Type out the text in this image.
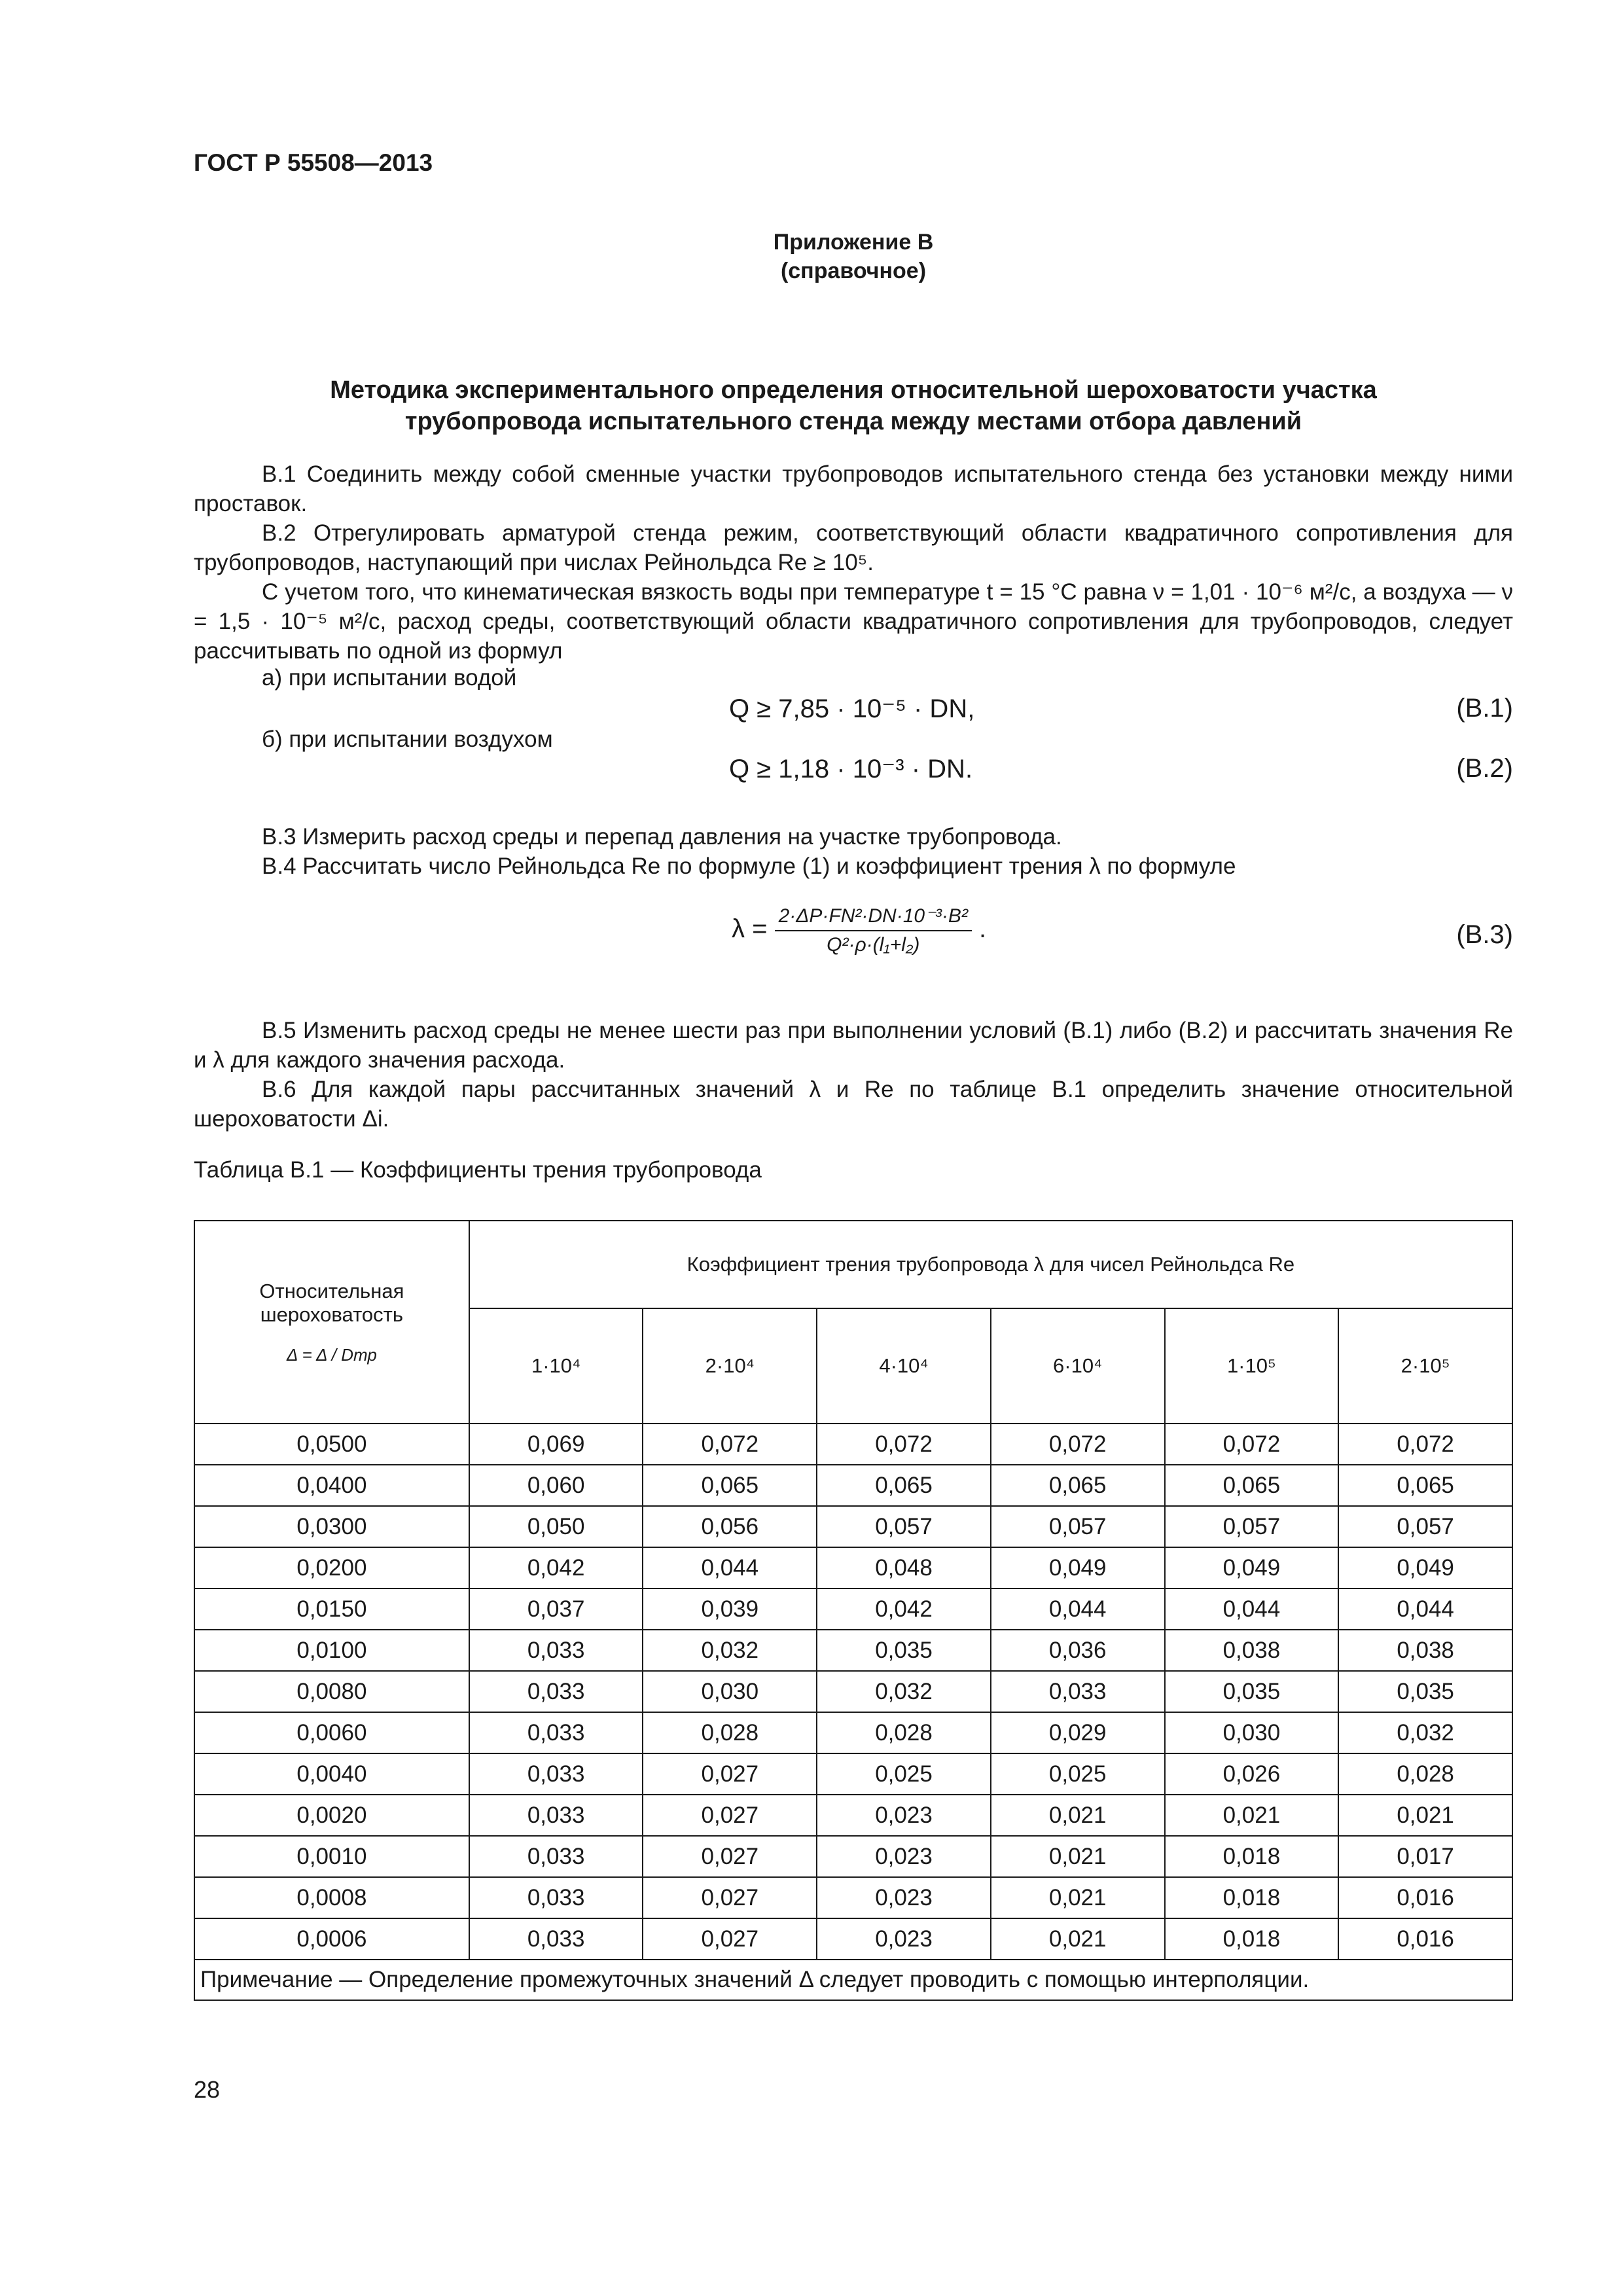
ГОСТ Р 55508—2013
Приложение В
(справочное)
Методика экспериментального определения относительной шероховатости участка
трубопровода испытательного стенда между местами отбора давлений
В.1 Соединить между собой сменные участки трубопроводов испытательного стенда без установки между ними проставок.
В.2 Отрегулировать арматурой стенда режим, соответствующий области квадратичного сопротивления для трубопроводов, наступающий при числах Рейнольдса Re ≥ 10⁵.
С учетом того, что кинематическая вязкость воды при температуре t = 15 °С равна ν = 1,01 · 10⁻⁶ м²/с, а воздуха — ν = 1,5 · 10⁻⁵ м²/с, расход среды, соответствующий области квадратичного сопротивления для трубопроводов, следует рассчитывать по одной из формул
а) при испытании водой
Q ≥ 7,85 · 10⁻⁵ · DN,	(В.1)
б) при испытании воздухом
Q ≥ 1,18 · 10⁻³ · DN.	(В.2)
В.3 Измерить расход среды и перепад давления на участке трубопровода.
В.4 Рассчитать число Рейнольдса Re по формуле (1) и коэффициент трения λ по формуле
$\lambda = \frac{\text{2·ΔP·FN²·DN·10⁻³·B²}}{\text{Q²·ρ·(l₁+l₂)}}$ .	(В.3)
В.5 Изменить расход среды не менее шести раз при выполнении условий (В.1) либо (В.2) и рассчитать значения Re и λ для каждого значения расхода.
В.6 Для каждой пары рассчитанных значений λ и Re по таблице В.1 определить значение относительной шероховатости Δi.
Таблица В.1 — Коэффициенты трения трубопровода
Относительная шероховатость
Δ = Δ / Dтр	Коэффициент трения трубопровода λ для чисел Рейнольдса Re					
	1·10⁴	2·10⁴	4·10⁴	6·10⁴	1·10⁵	2·10⁵
0,0500	0,069	0,072	0,072	0,072	0,072	0,072
0,0400	0,060	0,065	0,065	0,065	0,065	0,065
0,0300	0,050	0,056	0,057	0,057	0,057	0,057
0,0200	0,042	0,044	0,048	0,049	0,049	0,049
0,0150	0,037	0,039	0,042	0,044	0,044	0,044
0,0100	0,033	0,032	0,035	0,036	0,038	0,038
0,0080	0,033	0,030	0,032	0,033	0,035	0,035
0,0060	0,033	0,028	0,028	0,029	0,030	0,032
0,0040	0,033	0,027	0,025	0,025	0,026	0,028
0,0020	0,033	0,027	0,023	0,021	0,021	0,021
0,0010	0,033	0,027	0,023	0,021	0,018	0,017
0,0008	0,033	0,027	0,023	0,021	0,018	0,016
0,0006	0,033	0,027	0,023	0,021	0,018	0,016
Примечание — Определение промежуточных значений Δ следует проводить с помощью интерполяции.						
28
